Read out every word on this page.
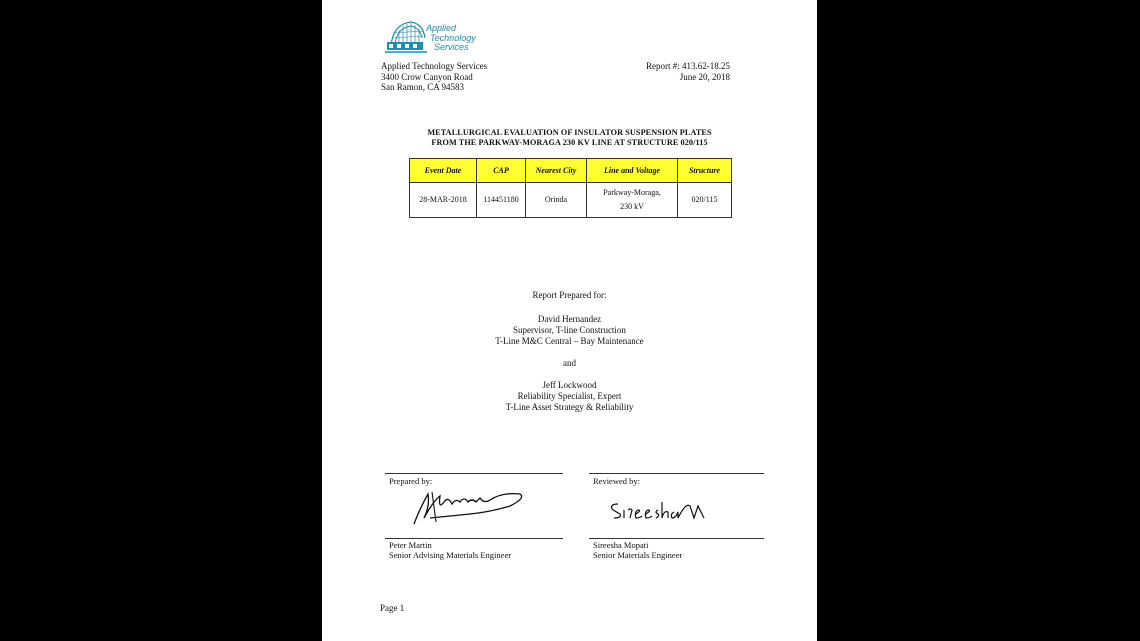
Applied
Technology
Services
Applied Technology Services
3400 Crow Canyon Road
San Ramon, CA 94583
Report #: 413.62-18.25
June 20, 2018
METALLURGICAL EVALUATION OF INSULATOR SUSPENSION PLATES
FROM THE PARKWAY-MORAGA 230 KV LINE AT STRUCTURE 020/115
Event Date	CAP	Nearest City	Line and Voltage	Structure
28-MAR-2018	114451180	Orinda	Parkway-Moraga, 230 kV	020/115

Report Prepared for:

David Hernandez

Supervisor, T-line Construction

T-Line M&C Central – Bay Maintenance

and

Jeff Lockwood

Reliability Specialist, Expert

T-Line Asset Strategy & Reliability

Prepared by:
Peter Martin
Senior Advising Materials Engineer
Reviewed by:
Sireesha Mopati
Senior Materials Engineer
Page 1
